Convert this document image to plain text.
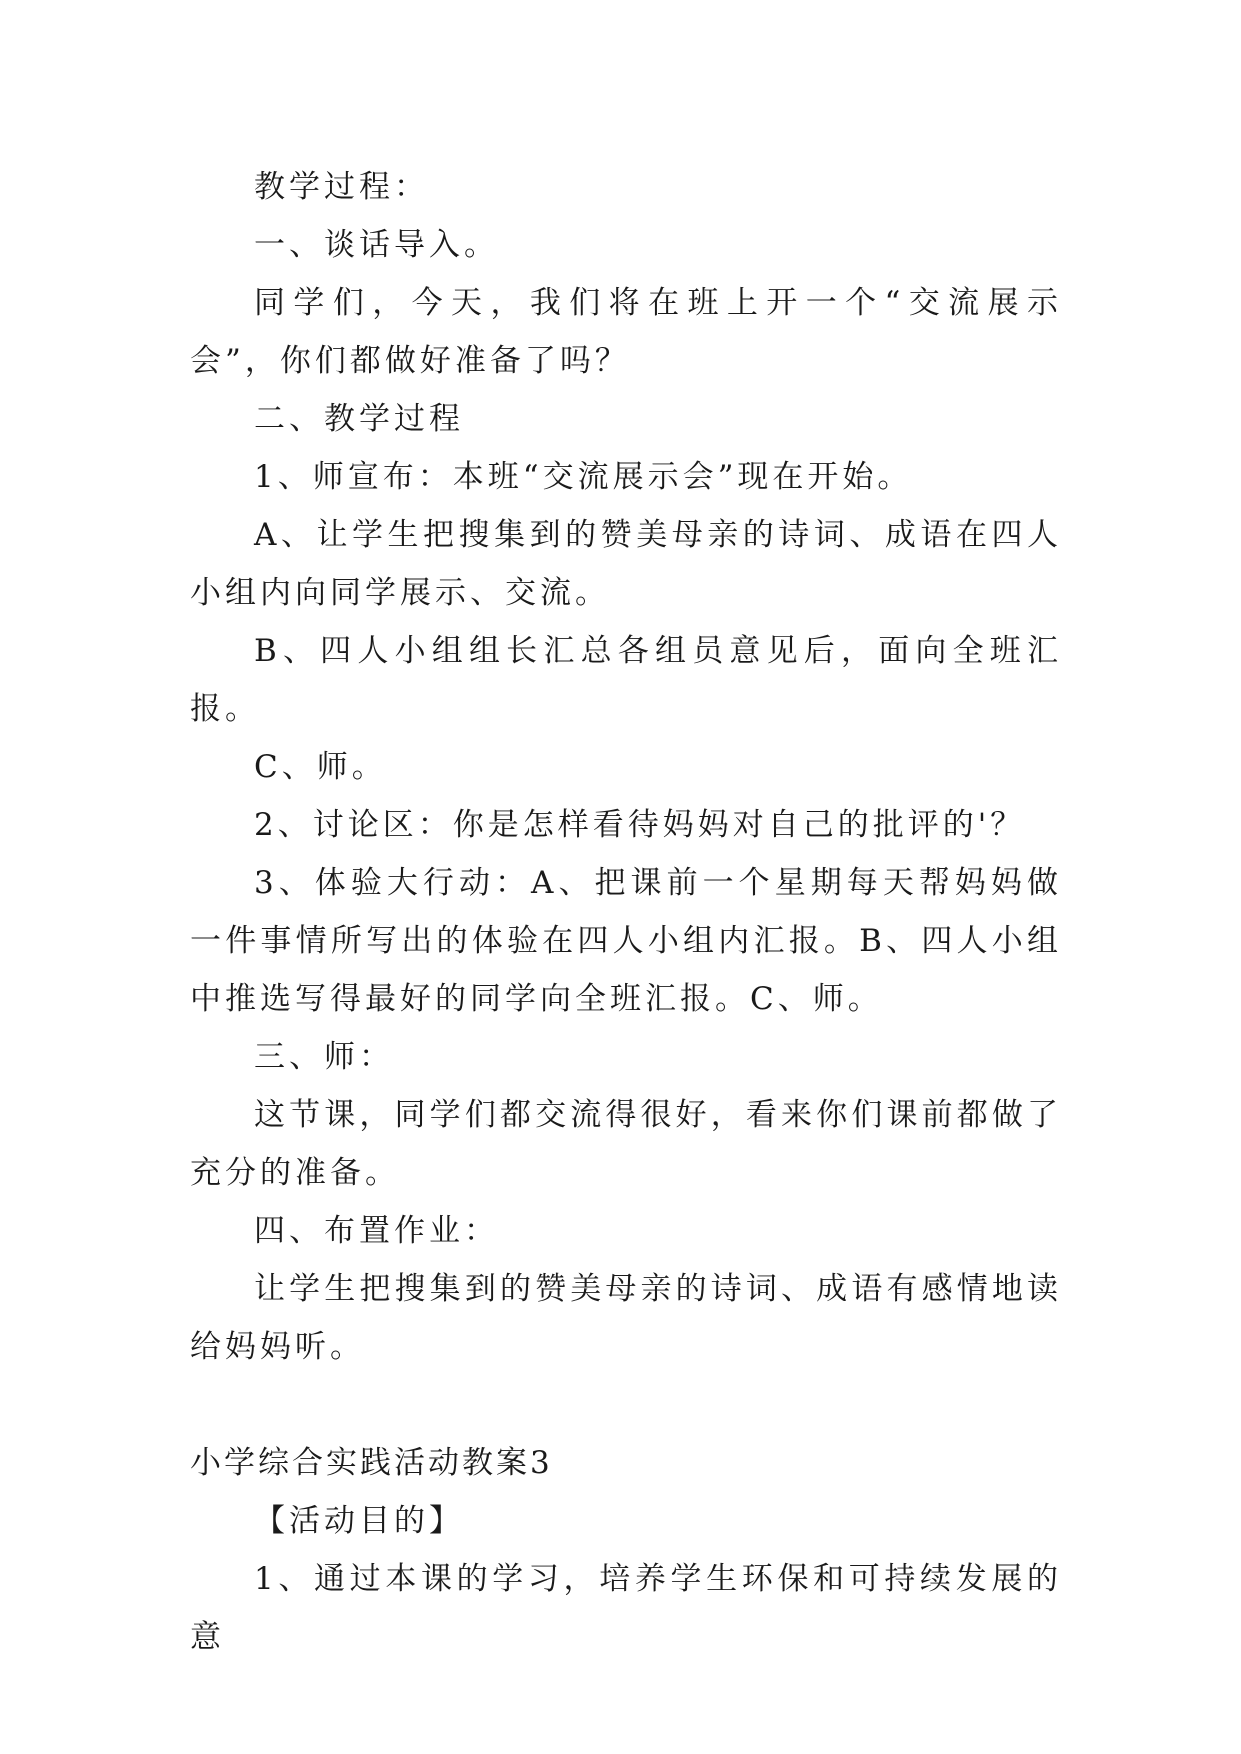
教学过程：

一、谈话导入。

同学们，今天，我们将在班上开一个“交流展示会”，你们都做好准备了吗？

二、教学过程

1、师宣布：本班“交流展示会”现在开始。

A、让学生把搜集到的赞美母亲的诗词、成语在四人小组内向同学展示、交流。

B、四人小组组长汇总各组员意见后，面向全班汇报。

C、师。

2、讨论区：你是怎样看待妈妈对自己的批评的'？

3、体验大行动：A、把课前一个星期每天帮妈妈做一件事情所写出的体验在四人小组内汇报。B、四人小组中推选写得最好的同学向全班汇报。C、师。

三、师：

这节课，同学们都交流得很好，看来你们课前都做了充分的准备。

四、布置作业：

让学生把搜集到的赞美母亲的诗词、成语有感情地读给妈妈听。

小学综合实践活动教案3

【活动目的】

1、通过本课的学习，培养学生环保和可持续发展的意
